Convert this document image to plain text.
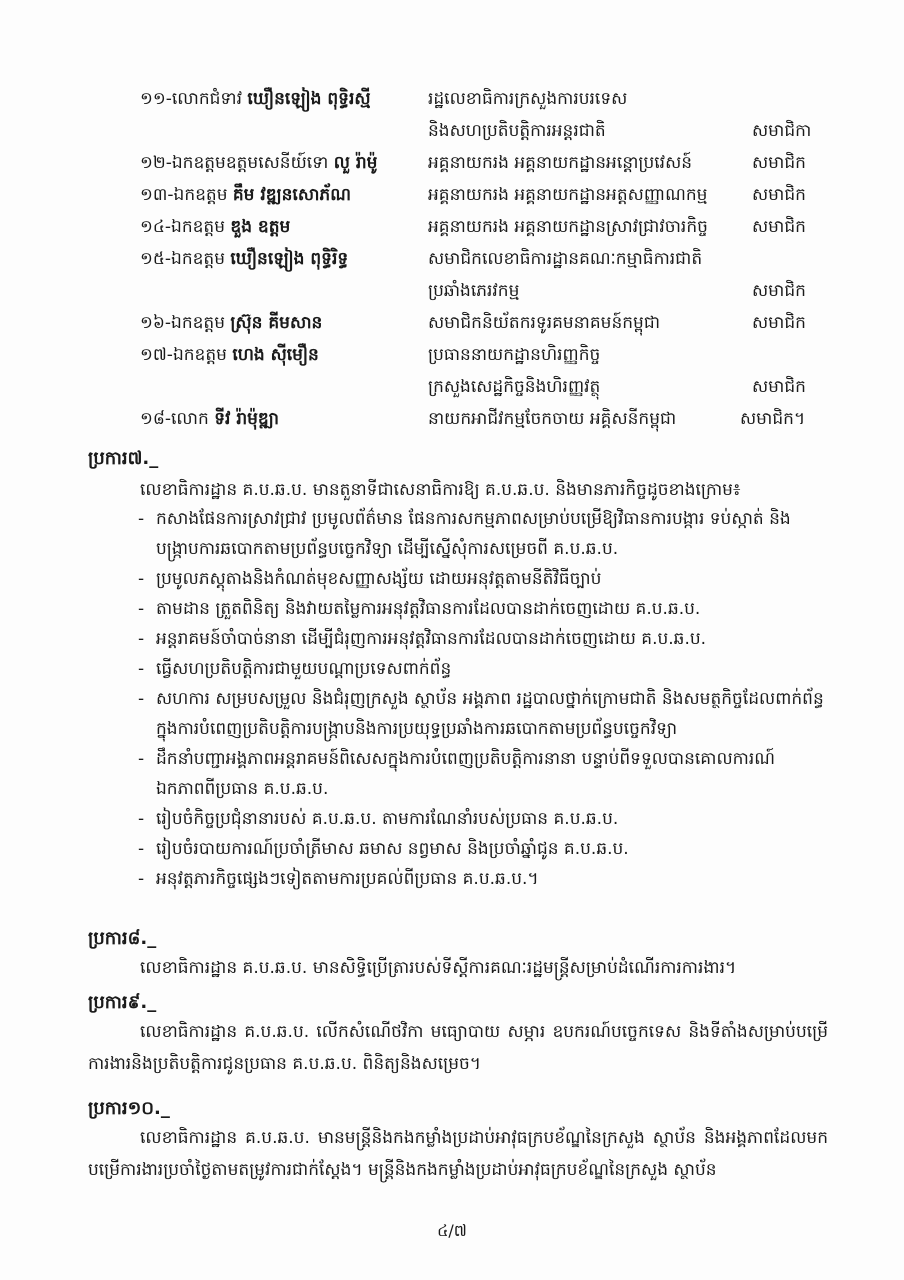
១១-លោកជំទាវ ឃឿនឡៀង ពុទ្ធិរស្មី	រដ្ឋលេខាធិការក្រសួងការបរទេស
និងសហប្រតិបត្តិការអន្តរជាតិ	សមាជិកា
១២-ឯកឧត្តមឧត្តមសេនីយ៍ទោ លួ រ៉ាម៉ូ	អគ្គនាយករង អគ្គនាយកដ្ឋានអន្តោប្រវេសន៍	សមាជិក
១៣-ឯកឧត្តម គឹម វឌ្ឍនសោភ័ណ	អគ្គនាយករង អគ្គនាយកដ្ឋានអត្តសញ្ញាណកម្ម	សមាជិក
១៤-ឯកឧត្តម ឌួង ឧត្តម	អគ្គនាយករង អគ្គនាយកដ្ឋានស្រាវជ្រាវចារកិច្ច	សមាជិក
១៥-ឯកឧត្តម ឃឿនឡៀង ពុទ្ធិរិទ្ធ	សមាជិកលេខាធិការដ្ឋានគណៈកម្មាធិការជាតិ
ប្រឆាំងភេរវកម្ម	សមាជិក
១៦-ឯកឧត្តម ស៊្រុន គីមសាន	សមាជិកនិយ័តករទូរគមនាគមន៍កម្ពុជា	សមាជិក
១៧-ឯកឧត្តម ហេង ស៊ីមឿន	ប្រធាននាយកដ្ឋានហិរញ្ញកិច្ច
ក្រសួងសេដ្ឋកិច្ចនិងហិរញ្ញវត្ថុ	សមាជិក
១៨-លោក ទីវ រ៉ាម៉ុឌ្ឍា	នាយកអាជីវកម្មចែកចាយ អគ្គិសនីកម្ពុជា	សមាជិក។
ប្រការ៧._
លេខាធិការដ្ឋាន គ.ប.ឆ.ប. មានតួនាទីជាសេនាធិការឱ្យ គ.ប.ឆ.ប. និងមានភារកិច្ចដូចខាងក្រោម៖
- កសាងផែនការស្រាវជ្រាវ ប្រមូលព័ត៌មាន ផែនការសកម្មភាពសម្រាប់បម្រើឱ្យវិធានការបង្ការ ទប់ស្កាត់ និងបង្ក្រាបការឆបោកតាមប្រព័ន្ធបច្ចេកវិទ្យា ដើម្បីស្នើសុំការសម្រេចពី គ.ប.ឆ.ប.
- ប្រមូលភស្តុតាងនិងកំណត់មុខសញ្ញាសង្ស័យ ដោយអនុវត្តតាមនីតិវិធីច្បាប់
- តាមដាន ត្រួតពិនិត្យ និងវាយតម្លៃការអនុវត្តវិធានការដែលបានដាក់ចេញដោយ គ.ប.ឆ.ប.
- អន្តរាគមន៍ចាំបាច់នានា ដើម្បីជំរុញការអនុវត្តវិធានការដែលបានដាក់ចេញដោយ គ.ប.ឆ.ប.
- ធ្វើសហប្រតិបត្តិការជាមួយបណ្តាប្រទេសពាក់ព័ន្ធ
- សហការ សម្របសម្រួល និងជំរុញក្រសួង ស្ថាប័ន អង្គភាព រដ្ឋបាលថ្នាក់ក្រោមជាតិ និងសមត្ថកិច្ចដែលពាក់ព័ន្ធក្នុងការបំពេញប្រតិបត្តិការបង្ក្រាបនិងការប្រយុទ្ធប្រឆាំងការឆបោកតាមប្រព័ន្ធបច្ចេកវិទ្យា
- ដឹកនាំបញ្ជាអង្គភាពអន្តរាគមន៍ពិសេសក្នុងការបំពេញប្រតិបត្តិការនានា បន្ទាប់ពីទទួលបានគោលការណ៍ឯកភាពពីប្រធាន គ.ប.ឆ.ប.
- រៀបចំកិច្ចប្រជុំនានារបស់ គ.ប.ឆ.ប. តាមការណែនាំរបស់ប្រធាន គ.ប.ឆ.ប.
- រៀបចំរបាយការណ៍ប្រចាំត្រីមាស ឆមាស នព្វមាស និងប្រចាំឆ្នាំជូន គ.ប.ឆ.ប.
- អនុវត្តភារកិច្ចផ្សេងៗទៀតតាមការប្រគល់ពីប្រធាន គ.ប.ឆ.ប.។
ប្រការ៨._
លេខាធិការដ្ឋាន គ.ប.ឆ.ប. មានសិទ្ធិប្រើត្រារបស់ទីស្តីការគណៈរដ្ឋមន្ត្រីសម្រាប់ដំណើរការការងារ។
ប្រការ៩._
លេខាធិការដ្ឋាន គ.ប.ឆ.ប. លើកសំណើថវិកា មធ្យោបាយ សម្ភារ ឧបករណ៍បច្ចេកទេស និងទីតាំងសម្រាប់បម្រើការងារនិងប្រតិបត្តិការជូនប្រធាន គ.ប.ឆ.ប. ពិនិត្យនិងសម្រេច។
ប្រការ១០._
លេខាធិការដ្ឋាន គ.ប.ឆ.ប. មានមន្ត្រីនិងកងកម្លាំងប្រដាប់អាវុធក្របខ័ណ្ឌនៃក្រសួង ស្ថាប័ន និងអង្គភាពដែលមកបម្រើការងារប្រចាំថ្ងៃតាមតម្រូវការជាក់ស្តែង។ មន្ត្រីនិងកងកម្លាំងប្រដាប់អាវុធក្របខ័ណ្ឌនៃក្រសួង ស្ថាប័ន
៤/៧
